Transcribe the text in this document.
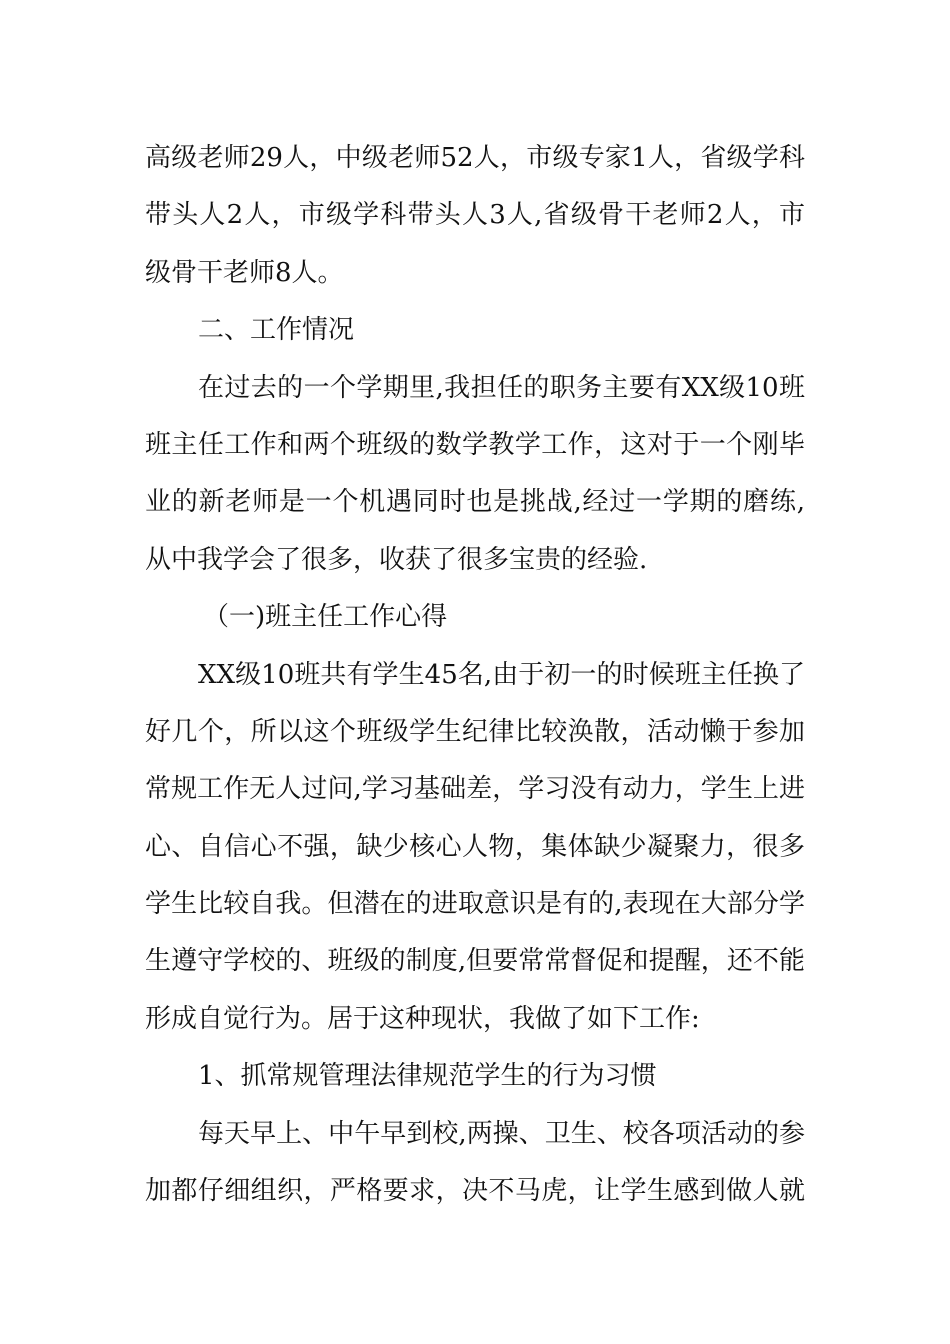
高级老师29人，中级老师52人，市级专家1人，省级学科

带头人2人，市级学科带头人3人,省级骨干老师2人，市

级骨干老师8人。

二、工作情况

在过去的一个学期里,我担任的职务主要有XX级10班

班主任工作和两个班级的数学教学工作，这对于一个刚毕

业的新老师是一个机遇同时也是挑战,经过一学期的磨练,

从中我学会了很多，收获了很多宝贵的经验.

（一)班主任工作心得

XX级10班共有学生45名,由于初一的时候班主任换了

好几个，所以这个班级学生纪律比较涣散，活动懒于参加

常规工作无人过问,学习基础差，学习没有动力，学生上进

心、自信心不强，缺少核心人物，集体缺少凝聚力，很多

学生比较自我。但潜在的进取意识是有的,表现在大部分学

生遵守学校的、班级的制度,但要常常督促和提醒，还不能

形成自觉行为。居于这种现状，我做了如下工作:

1、抓常规管理法律规范学生的行为习惯

每天早上、中午早到校,两操、卫生、校各项活动的参

加都仔细组织，严格要求，决不马虎，让学生感到做人就
